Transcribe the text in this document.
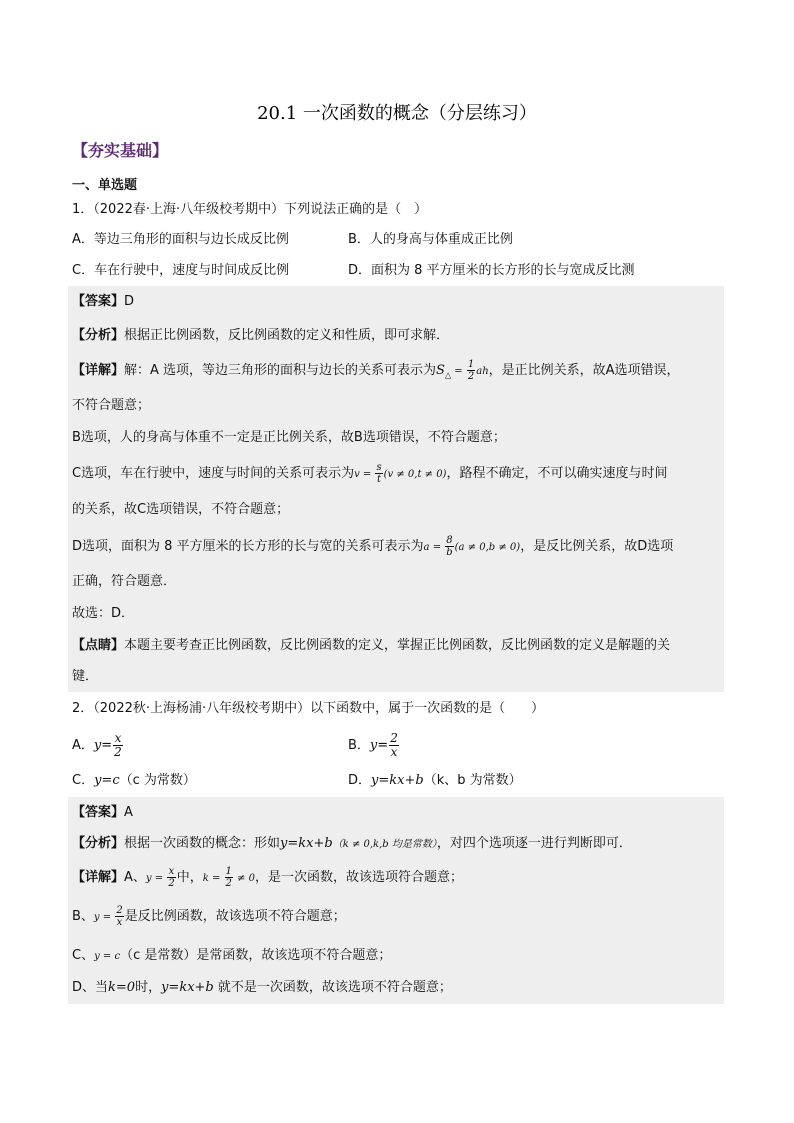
20.1 一次函数的概念（分层练习）
【夯实基础】
一、单选题
1．（2022春·上海·八年级校考期中）下列说法正确的是（　）
A．等边三角形的面积与边长成反比例	B．人的身高与体重成正比例
C．车在行驶中，速度与时间成反比例	D．面积为 8 平方厘米的长方形的长与宽成反比测
【答案】D
【分析】根据正比例函数，反比例函数的定义和性质，即可求解．
【详解】解：A 选项，等边三角形的面积与边长的关系可表示为$S_\triangle = \frac{1}{2}$ ah，是正比例关系，故A选项错误，
不符合题意；
B选项，人的身高与体重不一定是正比例关系，故B选项错误，不符合题意；
C选项，车在行驶中，速度与时间的关系可表示为$v = \frac{s}{t} (v \ne 0,t \ne 0)$，路程不确定，不可以确实速度与时间
的关系，故C选项错误，不符合题意；
D选项，面积为 8 平方厘米的长方形的长与宽的关系可表示为$a = \frac{8}{b} (a \ne 0,b \ne 0)$，是反比例关系，故D选项
正确，符合题意．
故选：D．
【点睛】本题主要考查正比例函数，反比例函数的定义，掌握正比例函数，反比例函数的定义是解题的关
键．
2．（2022秋·上海杨浦·八年级校考期中）以下函数中，属于一次函数的是（　　）
A．$y= \frac{x}{2}$	B．$y= \frac{2}{x}$
C．y=c（c 为常数）	D．y=kx+b（k、b 为常数）
【答案】A
【分析】根据一次函数的概念：形如y=kx+b（k ≠ 0,k,b 均是常数），对四个选项逐一进行判断即可．
【详解】A、$y = \frac{x}{2}$ 中，$k = \frac{1}{2} \ne 0$，是一次函数，故该选项符合题意；
B、$y = \frac{2}{x}$ 是反比例函数，故该选项不符合题意；
C、y = c（c 是常数）是常函数，故该选项不符合题意；
D、当k=0时，y=kx+b 就不是一次函数，故该选项不符合题意；
